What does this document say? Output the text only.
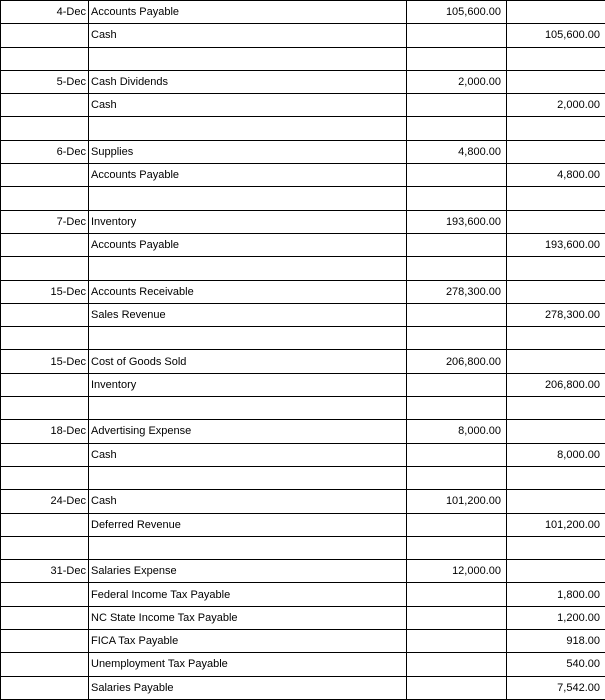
4-Dec	Accounts Payable	105,600.00	
	Cash		105,600.00

5-Dec	Cash Dividends	2,000.00	
	Cash		2,000.00

6-Dec	Supplies	4,800.00	
	Accounts Payable		4,800.00

7-Dec	Inventory	193,600.00	
	Accounts Payable		193,600.00

15-Dec	Accounts Receivable	278,300.00	
	Sales Revenue		278,300.00

15-Dec	Cost of Goods Sold	206,800.00	
	Inventory		206,800.00

18-Dec	Advertising Expense	8,000.00	
	Cash		8,000.00

24-Dec	Cash	101,200.00	
	Deferred Revenue		101,200.00

31-Dec	Salaries Expense	12,000.00	
	Federal Income Tax Payable		1,800.00
	NC State Income Tax Payable		1,200.00
	FICA Tax Payable		918.00
	Unemployment Tax Payable		540.00
	Salaries Payable		7,542.00
